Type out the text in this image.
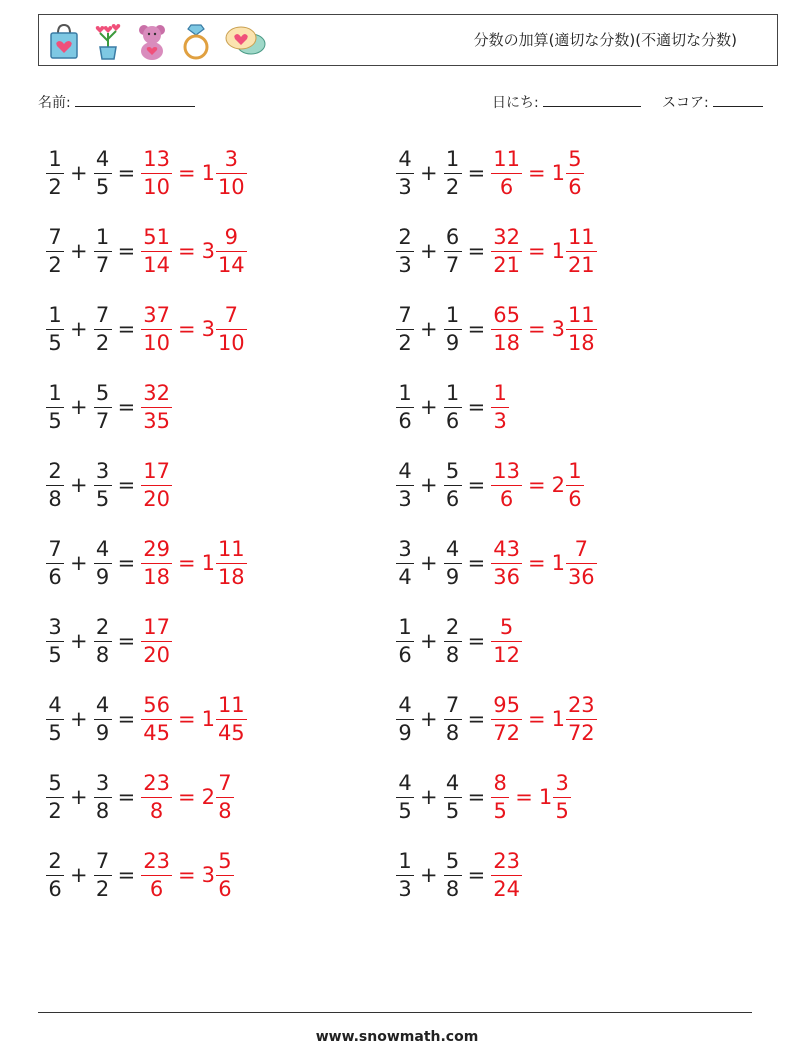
分数の加算(適切な分数)(不適切な分数)
名前:	日にち:	スコア:
$\frac{1}{2} + \frac{4}{5} = \frac{13}{10} = 1 \frac{3}{10}$	$\frac{4}{3} + \frac{1}{2} = \frac{11}{6} = 1 \frac{5}{6}$
$\frac{7}{2} + \frac{1}{7} = \frac{51}{14} = 3 \frac{9}{14}$	$\frac{2}{3} + \frac{6}{7} = \frac{32}{21} = 1 \frac{11}{21}$
$\frac{1}{5} + \frac{7}{2} = \frac{37}{10} = 3 \frac{7}{10}$	$\frac{7}{2} + \frac{1}{9} = \frac{65}{18} = 3 \frac{11}{18}$
$\frac{1}{5} + \frac{5}{7} = \frac{32}{35}$	$\frac{1}{6} + \frac{1}{6} = \frac{1}{3}$
$\frac{2}{8} + \frac{3}{5} = \frac{17}{20}$	$\frac{4}{3} + \frac{5}{6} = \frac{13}{6} = 2 \frac{1}{6}$
$\frac{7}{6} + \frac{4}{9} = \frac{29}{18} = 1 \frac{11}{18}$	$\frac{3}{4} + \frac{4}{9} = \frac{43}{36} = 1 \frac{7}{36}$
$\frac{3}{5} + \frac{2}{8} = \frac{17}{20}$	$\frac{1}{6} + \frac{2}{8} = \frac{5}{12}$
$\frac{4}{5} + \frac{4}{9} = \frac{56}{45} = 1 \frac{11}{45}$	$\frac{4}{9} + \frac{7}{8} = \frac{95}{72} = 1 \frac{23}{72}$
$\frac{5}{2} + \frac{3}{8} = \frac{23}{8} = 2 \frac{7}{8}$	$\frac{4}{5} + \frac{4}{5} = \frac{8}{5} = 1 \frac{3}{5}$
$\frac{2}{6} + \frac{7}{2} = \frac{23}{6} = 3 \frac{5}{6}$	$\frac{1}{3} + \frac{5}{8} = \frac{23}{24}$
www.snowmath.com
